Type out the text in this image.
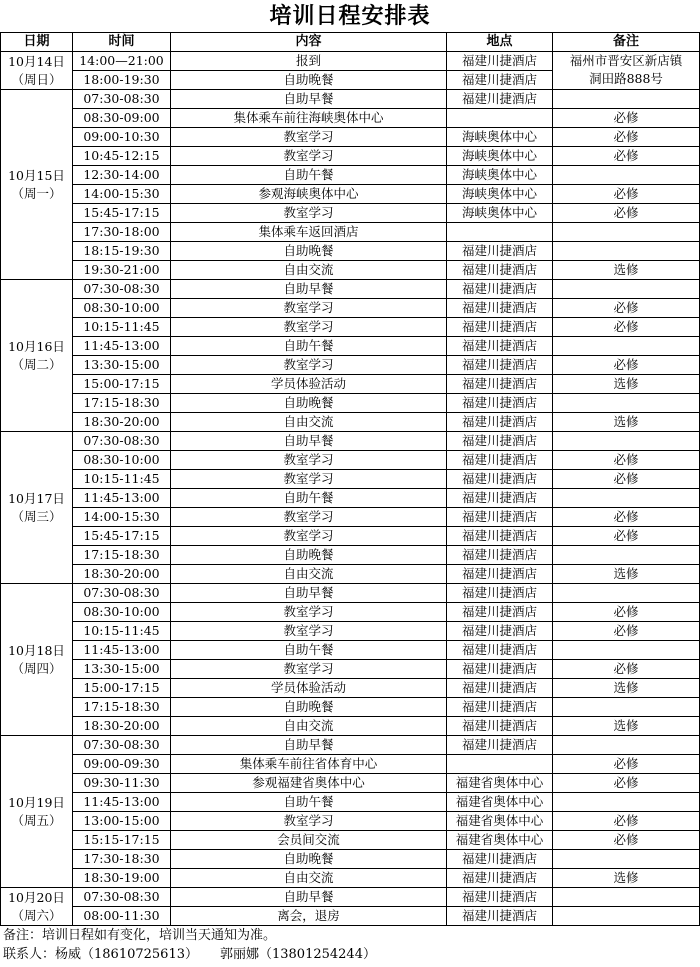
培训日程安排表
日期	时间	内容	地点	备注

10月14日
（周日）	14:00—21:00	报到	福建川捷酒店	福州市晋安区新店镇
洞田路888号

	18:00-19:30	自助晚餐	福建川捷酒店	

10月15日
（周一）	07:30-08:30	自助早餐	福建川捷酒店	
	08:30-09:00	集体乘车前往海峡奥体中心		必修
	09:00-10:30	教室学习	海峡奥体中心	必修
	10:45-12:15	教室学习	海峡奥体中心	必修
	12:30-14:00	自助午餐	海峡奥体中心	
	14:00-15:30	参观海峡奥体中心	海峡奥体中心	必修
	15:45-17:15	教室学习	海峡奥体中心	必修
	17:30-18:00	集体乘车返回酒店		
	18:15-19:30	自助晚餐	福建川捷酒店	
	19:30-21:00	自由交流	福建川捷酒店	选修

10月16日
（周二）	07:30-08:30	自助早餐	福建川捷酒店	
	08:30-10:00	教室学习	福建川捷酒店	必修
	10:15-11:45	教室学习	福建川捷酒店	必修
	11:45-13:00	自助午餐	福建川捷酒店	
	13:30-15:00	教室学习	福建川捷酒店	必修
	15:00-17:15	学员体验活动	福建川捷酒店	选修
	17:15-18:30	自助晚餐	福建川捷酒店	
	18:30-20:00	自由交流	福建川捷酒店	选修

10月17日
（周三）	07:30-08:30	自助早餐	福建川捷酒店	
	08:30-10:00	教室学习	福建川捷酒店	必修
	10:15-11:45	教室学习	福建川捷酒店	必修
	11:45-13:00	自助午餐	福建川捷酒店	
	14:00-15:30	教室学习	福建川捷酒店	必修
	15:45-17:15	教室学习	福建川捷酒店	必修
	17:15-18:30	自助晚餐	福建川捷酒店	
	18:30-20:00	自由交流	福建川捷酒店	选修

10月18日
（周四）	07:30-08:30	自助早餐	福建川捷酒店	
	08:30-10:00	教室学习	福建川捷酒店	必修
	10:15-11:45	教室学习	福建川捷酒店	必修
	11:45-13:00	自助午餐	福建川捷酒店	
	13:30-15:00	教室学习	福建川捷酒店	必修
	15:00-17:15	学员体验活动	福建川捷酒店	选修
	17:15-18:30	自助晚餐	福建川捷酒店	
	18:30-20:00	自由交流	福建川捷酒店	选修

10月19日
（周五）	07:30-08:30	自助早餐	福建川捷酒店	
	09:00-09:30	集体乘车前往省体育中心		必修
	09:30-11:30	参观福建省奥体中心	福建省奥体中心	必修
	11:45-13:00	自助午餐	福建省奥体中心	
	13:00-15:00	教室学习	福建省奥体中心	必修
	15:15-17:15	会员间交流	福建省奥体中心	必修
	17:30-18:30	自助晚餐	福建川捷酒店	
	18:30-19:00	自由交流	福建川捷酒店	选修

10月20日
（周六）	07:30-08:30	自助早餐	福建川捷酒店	
	08:00-11:30	离会，退房	福建川捷酒店	
备注：培训日程如有变化，培训当天通知为准。
联系人：杨威（18610725613） 郭丽娜（13801254244）
